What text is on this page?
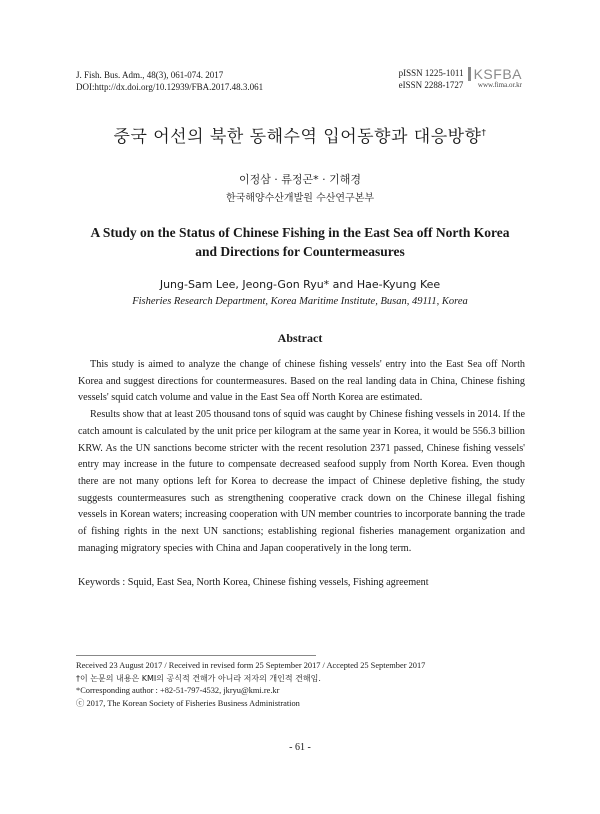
J. Fish. Bus. Adm., 48(3), 061-074. 2017
DOI:http://dx.doi.org/10.12939/FBA.2017.48.3.061
pISSN 1225-1011
eISSN 2288-1727
KSFBA
www.fima.or.kr
중국 어선의 북한 동해수역 입어동향과 대응방향†
이정삼 · 류정곤* · 기해경
한국해양수산개발원 수산연구본부
A Study on the Status of Chinese Fishing in the East Sea off North Korea
and Directions for Countermeasures
Jung-Sam Lee, Jeong-Gon Ryu* and Hae-Kyung Kee
Fisheries Research Department, Korea Maritime Institute, Busan, 49111, Korea
Abstract

This study is aimed to analyze the change of chinese fishing vessels' entry into the East Sea off North Korea and suggest directions for countermeasures. Based on the real landing data in China, Chinese fishing vessels' squid catch volume and value in the East Sea off North Korea are estimated.

Results show that at least 205 thousand tons of squid was caught by Chinese fishing vessels in 2014. If the catch amount is calculated by the unit price per kilogram at the same year in Korea, it would be 556.3 billion KRW. As the UN sanctions become stricter with the recent resolution 2371 passed, Chinese fishing vessels' entry may increase in the future to compensate decreased seafood supply from North Korea. Even though there are not many options left for Korea to decrease the impact of Chinese depletive fishing, the study suggests countermeasures such as strengthening cooperative crack down on the Chinese illegal fishing vessels in Korean waters; increasing cooperation with UN member countries to incorporate banning the trade of fishing rights in the next UN sanctions; establishing regional fisheries management organization and managing migratory species with China and Japan cooperatively in the long term.

Keywords : Squid, East Sea, North Korea, Chinese fishing vessels, Fishing agreement
Received 23 August 2017 / Received in revised form 25 September 2017 / Accepted 25 September 2017
†이 논문의 내용은 KMI의 공식적 견해가 아니라 저자의 개인적 견해임.
*Corresponding author : +82-51-797-4532, jkryu@kmi.re.kr
ⓒ 2017, The Korean Society of Fisheries Business Administration
- 61 -
